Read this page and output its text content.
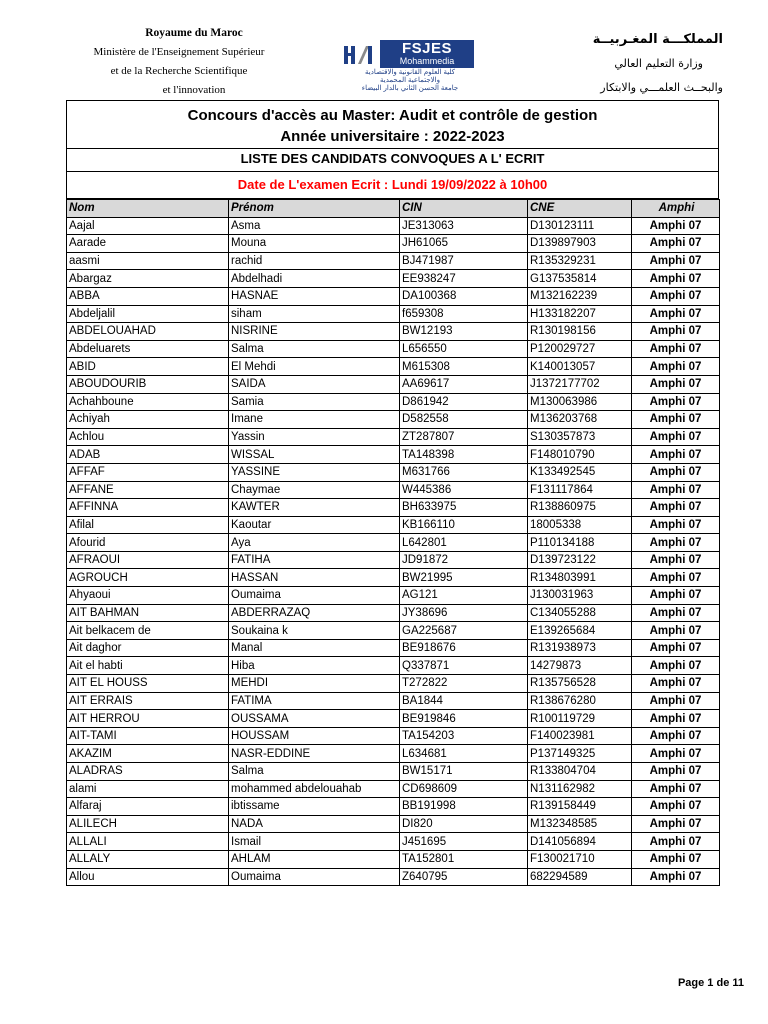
Royaume du Maroc
Ministère de l'Enseignement Supérieur
et de la Recherche Scientifique
et l'innovation
FSJES
Mohammedia
كلية العلوم القانونية والاقتصادية
والاجتماعية المحمدية
جامعة الحسن الثاني بالدار البيضاء
المملكـــة المغـربيــة
وزارة التعليم العالي
والبحــث العلمـــي والابتكار
Concours d'accès au Master: Audit et contrôle de gestion
Année universitaire : 2022-2023
LISTE DES CANDIDATS CONVOQUES A L' ECRIT
Date de L'examen Ecrit : Lundi 19/09/2022 à 10h00
Nom	Prénom	CIN	CNE	Amphi
Aajal	Asma	JE313063	D130123111	Amphi 07
Aarade	Mouna	JH61065	D139897903	Amphi 07
aasmi	rachid	BJ471987	R135329231	Amphi 07
Abargaz	Abdelhadi	EE938247	G137535814	Amphi 07
ABBA	HASNAE	DA100368	M132162239	Amphi 07
Abdeljalil	siham	f659308	H133182207	Amphi 07
ABDELOUAHAD	NISRINE	BW12193	R130198156	Amphi 07
Abdeluarets	Salma	L656550	P120029727	Amphi 07
ABID	El Mehdi	M615308	K140013057	Amphi 07
ABOUDOURIB	SAIDA	AA69617	J1372177702	Amphi 07
Achahboune	Samia	D861942	M130063986	Amphi 07
Achiyah	Imane	D582558	M136203768	Amphi 07
Achlou	Yassin	ZT287807	S130357873	Amphi 07
ADAB	WISSAL	TA148398	F148010790	Amphi 07
AFFAF	YASSINE	M631766	K133492545	Amphi 07
AFFANE	Chaymae	W445386	F131117864	Amphi 07
AFFINNA	KAWTER	BH633975	R138860975	Amphi 07
Afilal	Kaoutar	KB166110	18005338	Amphi 07
Afourid	Aya	L642801	P110134188	Amphi 07
AFRAOUI	FATIHA	JD91872	D139723122	Amphi 07
AGROUCH	HASSAN	BW21995	R134803991	Amphi 07
Ahyaoui	Oumaima	AG121	J130031963	Amphi 07
AIT BAHMAN	ABDERRAZAQ	JY38696	C134055288	Amphi 07
Ait belkacem de	Soukaina k	GA225687	E139265684	Amphi 07
Ait daghor	Manal	BE918676	R131938973	Amphi 07
Ait el habti	Hiba	Q337871	14279873	Amphi 07
AIT EL HOUSS	MEHDI	T272822	R135756528	Amphi 07
AIT ERRAIS	FATIMA	BA1844	R138676280	Amphi 07
AIT HERROU	OUSSAMA	BE919846	R100119729	Amphi 07
AIT-TAMI	HOUSSAM	TA154203	F140023981	Amphi 07
AKAZIM	NASR-EDDINE	L634681	P137149325	Amphi 07
ALADRAS	Salma	BW15171	R133804704	Amphi 07
alami	mohammed abdelouahab	CD698609	N131162982	Amphi 07
Alfaraj	ibtissame	BB191998	R139158449	Amphi 07
ALILECH	NADA	DI820	M132348585	Amphi 07
ALLALI	Ismail	J451695	D141056894	Amphi 07
ALLALY	AHLAM	TA152801	F130021710	Amphi 07
Allou	Oumaima	Z640795	682294589	Amphi 07
Page 1 de 11
